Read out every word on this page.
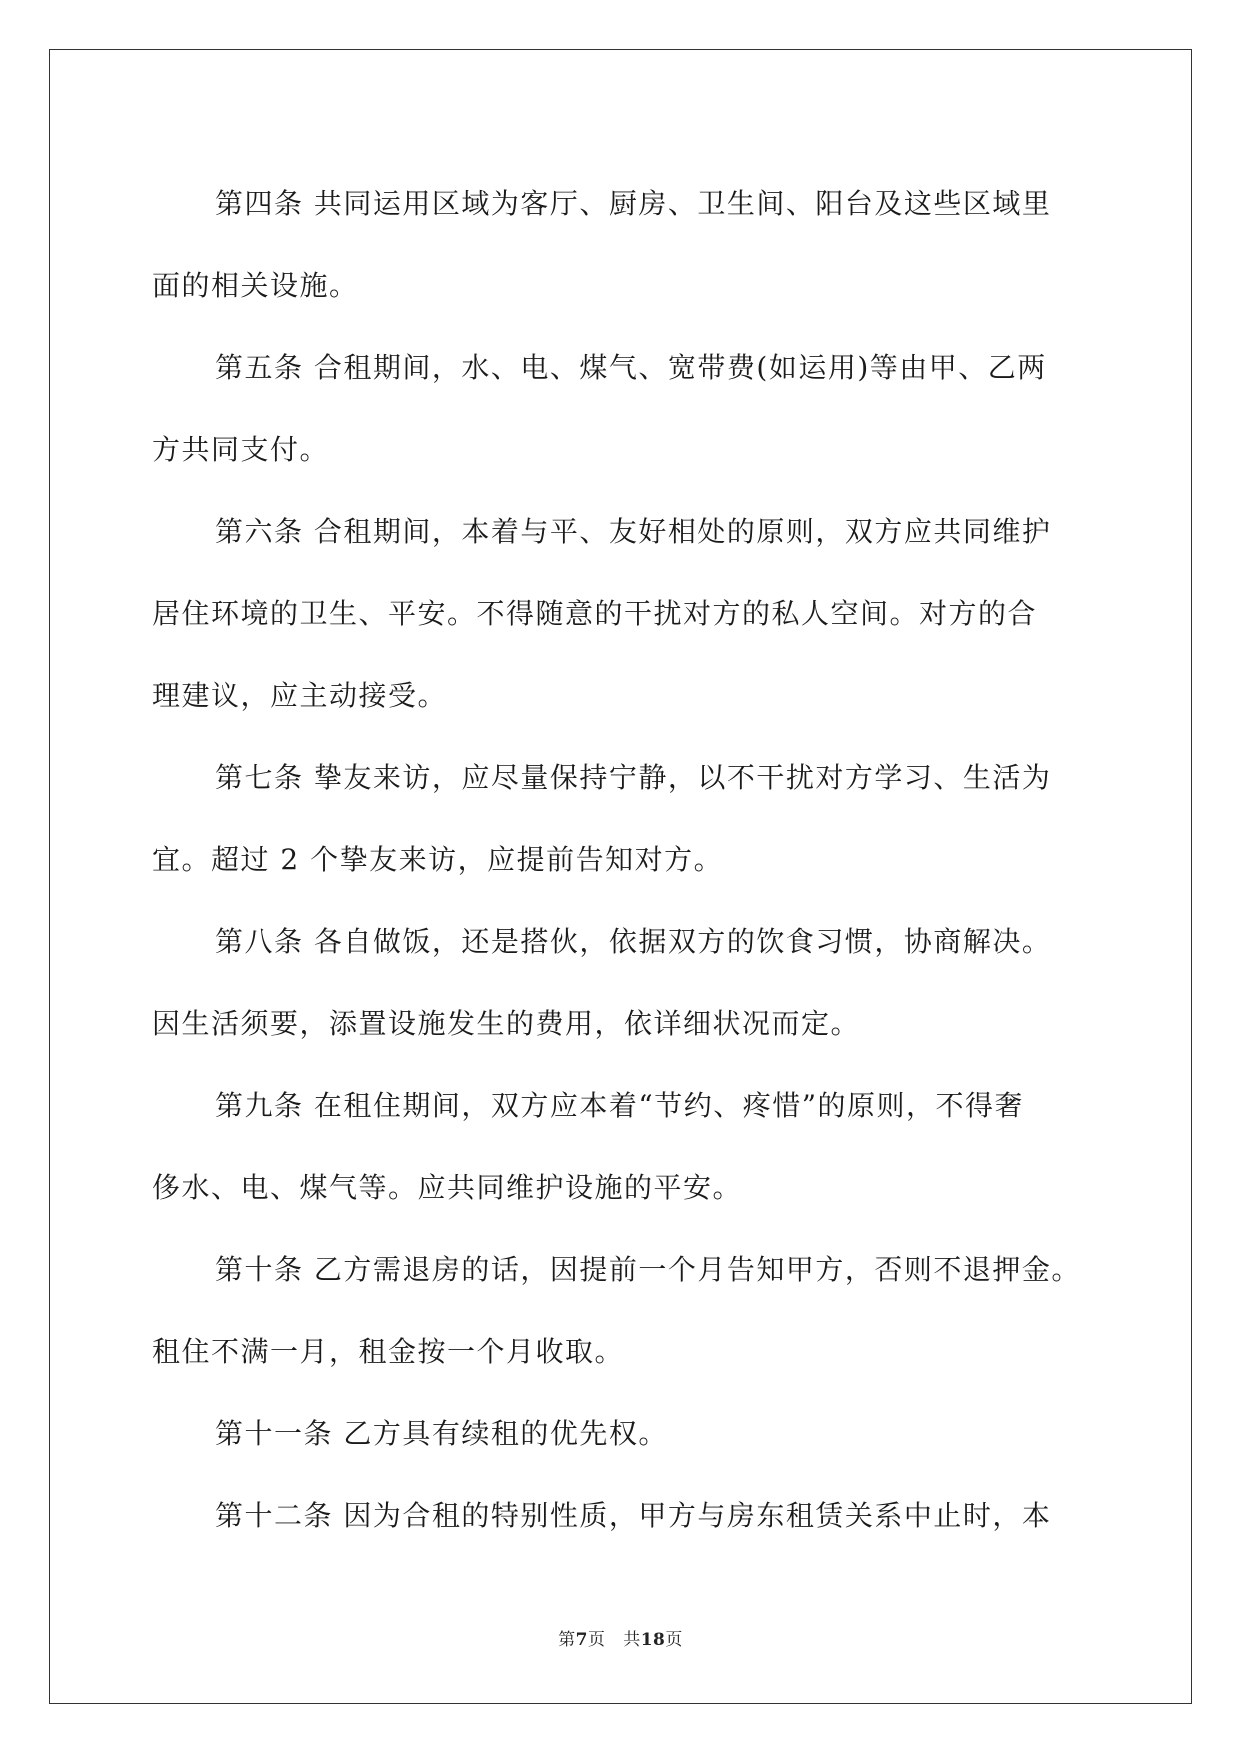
第四条 共同运用区域为客厅、厨房、卫生间、阳台及这些区域里
面的相关设施。
第五条 合租期间，水、电、煤气、宽带费(如运用)等由甲、乙两
方共同支付。
第六条 合租期间，本着与平、友好相处的原则，双方应共同维护
居住环境的卫生、平安。不得随意的干扰对方的私人空间。对方的合
理建议，应主动接受。
第七条 挚友来访，应尽量保持宁静，以不干扰对方学习、生活为
宜。超过 2 个挚友来访，应提前告知对方。
第八条 各自做饭，还是搭伙，依据双方的饮食习惯，协商解决。
因生活须要，添置设施发生的费用，依详细状况而定。
第九条 在租住期间，双方应本着“节约、疼惜”的原则，不得奢
侈水、电、煤气等。应共同维护设施的平安。
第十条 乙方需退房的话，因提前一个月告知甲方，否则不退押金。
租住不满一月，租金按一个月收取。
第十一条 乙方具有续租的优先权。
第十二条 因为合租的特别性质，甲方与房东租赁关系中止时，本
第7页 共18页
